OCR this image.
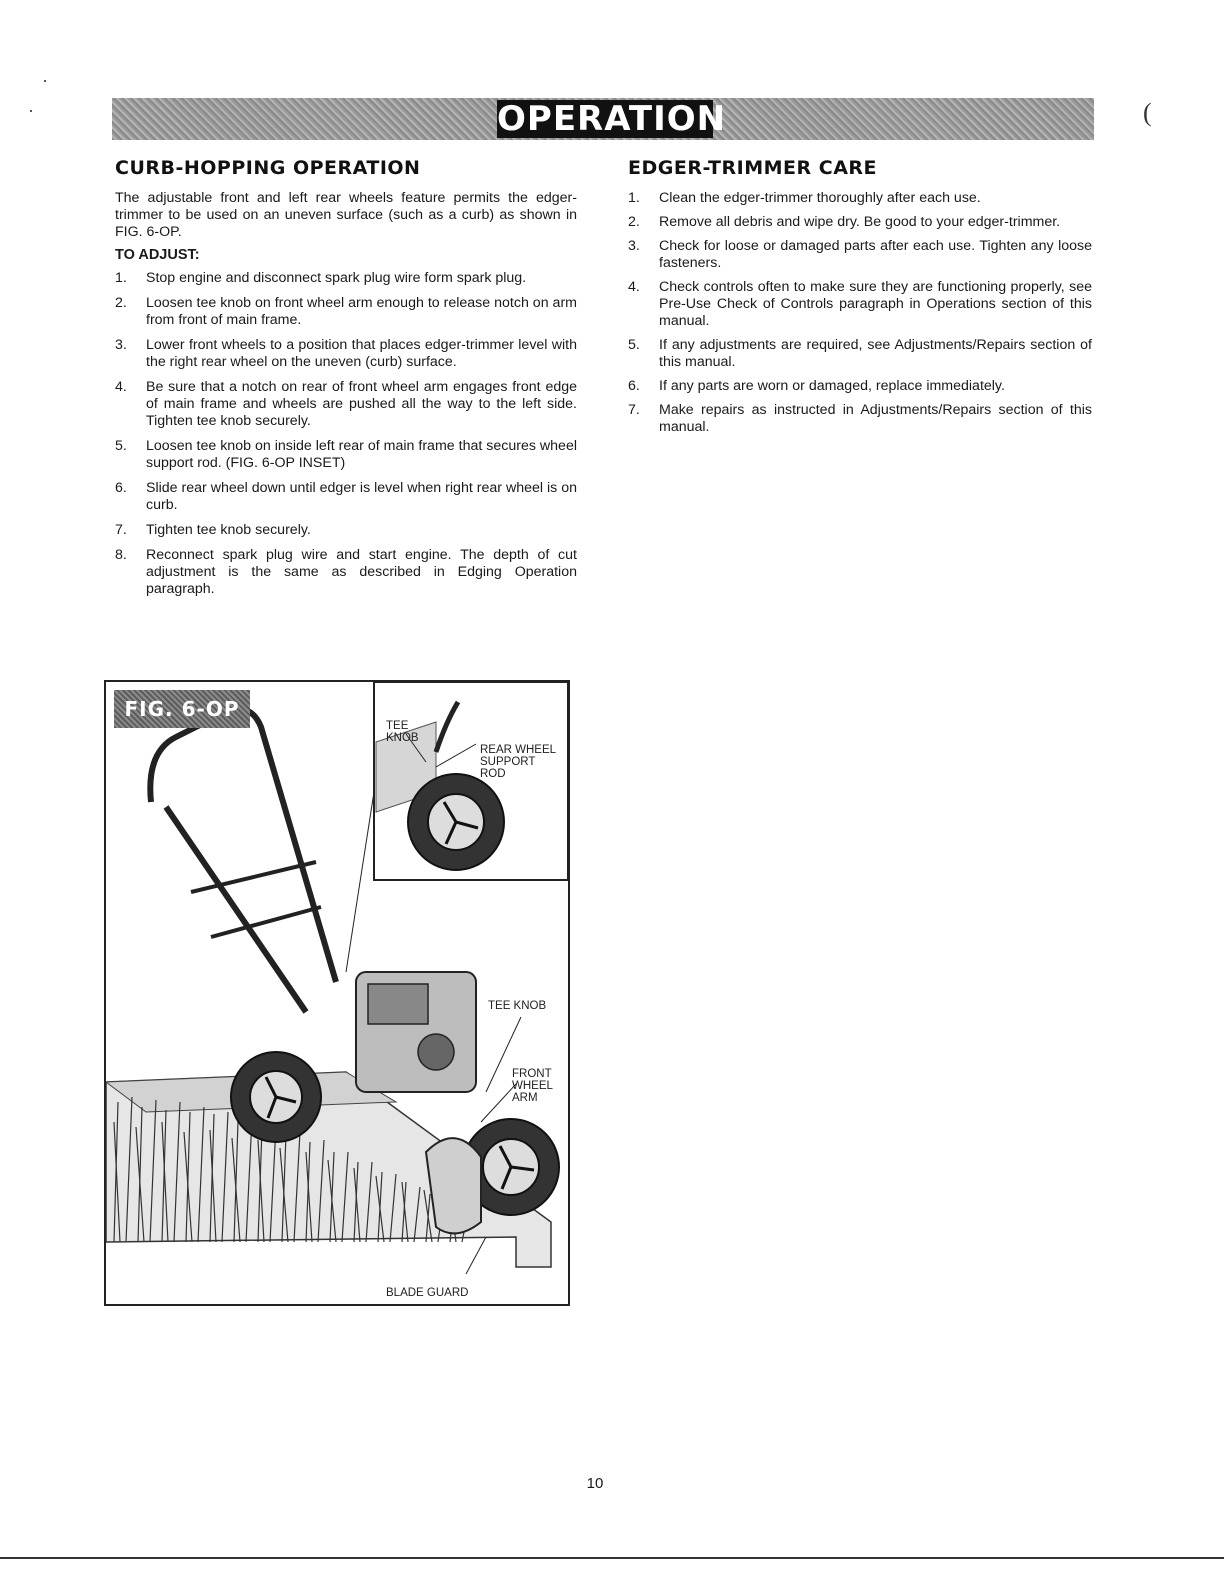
OPERATION	(
CURB-HOPPING OPERATION

The adjustable front and left rear wheels feature permits the edger-trimmer to be used on an uneven surface (such as a curb) as shown in FIG. 6-OP.

TO ADJUST:
1. Stop engine and disconnect spark plug wire form spark plug.
2. Loosen tee knob on front wheel arm enough to release notch on arm from front of main frame.
3. Lower front wheels to a position that places edger-trimmer level with the right rear wheel on the uneven (curb) surface.
4. Be sure that a notch on rear of front wheel arm engages front edge of main frame and wheels are pushed all the way to the left side. Tighten tee knob securely.
5. Loosen tee knob on inside left rear of main frame that secures wheel support rod. (FIG. 6-OP INSET)
6. Slide rear wheel down until edger is level when right rear wheel is on curb.
7. Tighten tee knob securely.
8. Reconnect spark plug wire and start engine. The depth of cut adjustment is the same as described in Edging Operation paragraph.
EDGER-TRIMMER CARE
1. Clean the edger-trimmer thoroughly after each use.
2. Remove all debris and wipe dry. Be good to your edger-trimmer.
3. Check for loose or damaged parts after each use. Tighten any loose fasteners.
4. Check controls often to make sure they are functioning properly, see Pre-Use Check of Controls paragraph in Operations section of this manual.
5. If any adjustments are required, see Adjustments/Repairs section of this manual.
6. If any parts are worn or damaged, replace immediately.
7. Make repairs as instructed in Adjustments/Repairs section of this manual.
FIG. 6-OP
TEE KNOB
REAR WHEEL SUPPORT ROD
TEE KNOB
FRONT WHEEL ARM
BLADE GUARD
10
